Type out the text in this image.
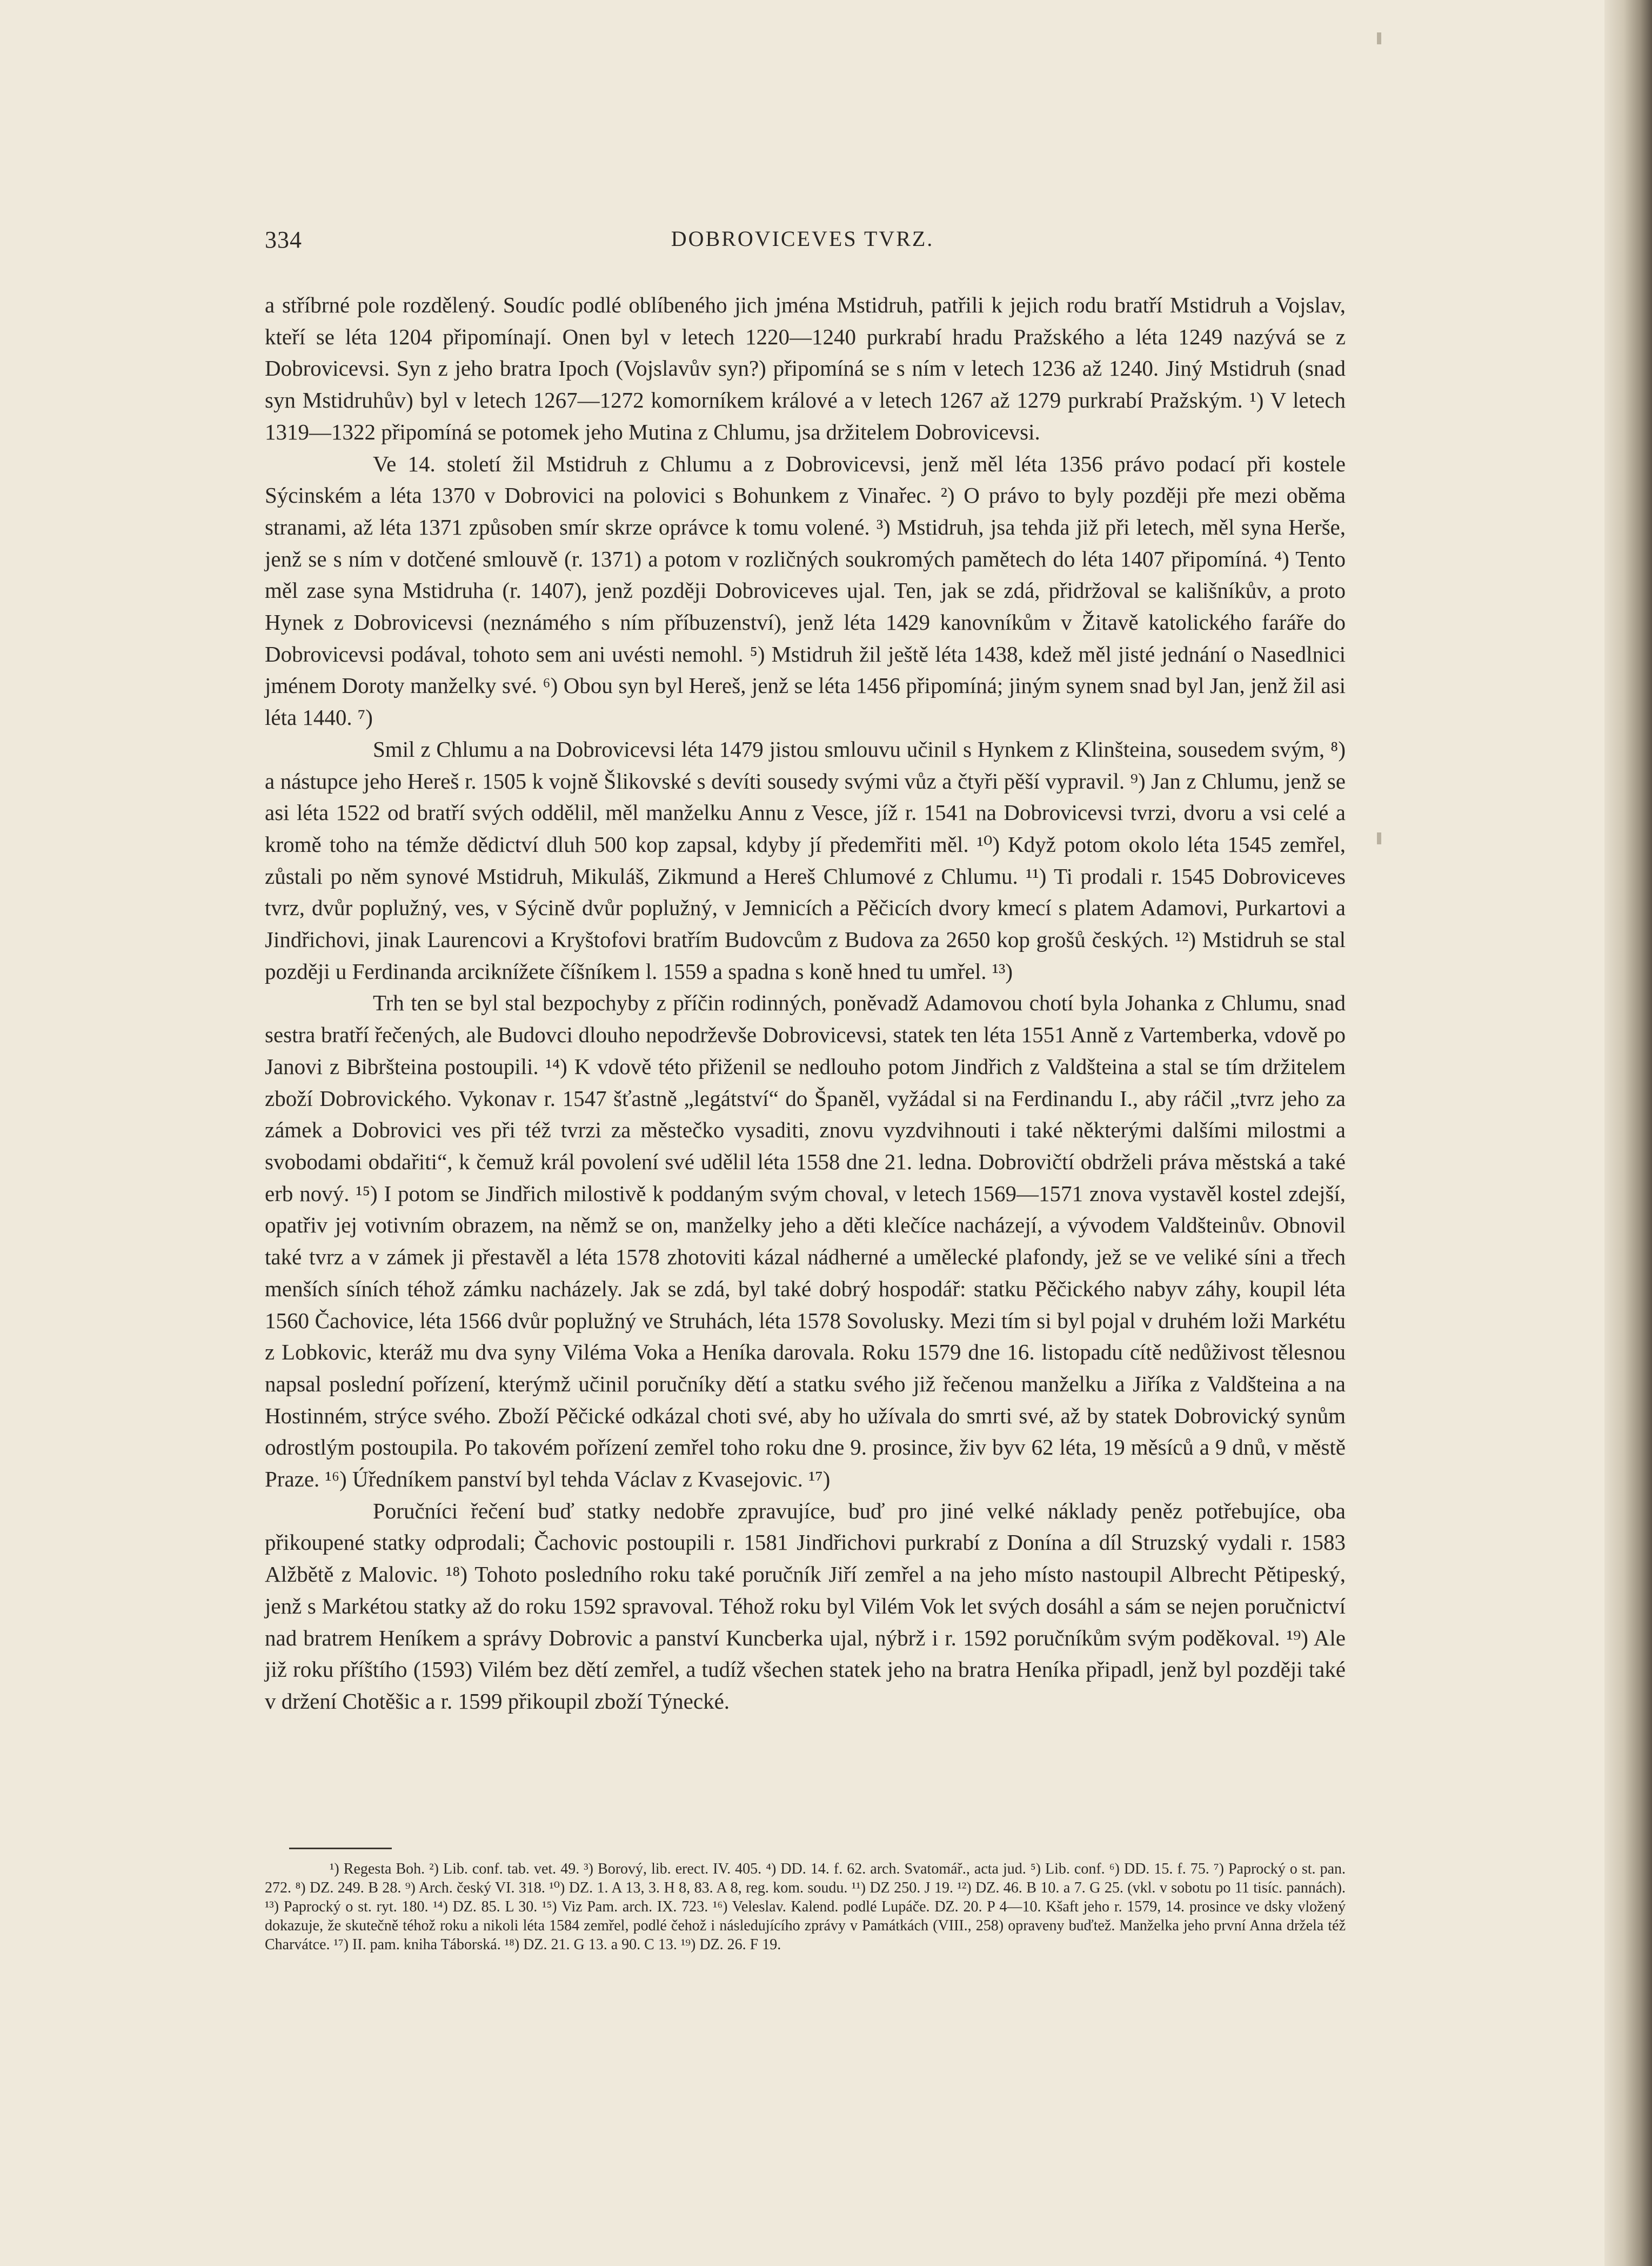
334	DOBROVICEVES TVRZ.

a stříbrné pole rozdělený. Soudíc podlé oblíbeného jich jména Mstidruh, patřili k jejich rodu bratří Mstidruh a Vojslav, kteří se léta 1204 připomínají. Onen byl v letech 1220—1240 purkrabí hradu Pražského a léta 1249 nazývá se z Dobrovicevsi. Syn z jeho bratra Ipoch (Vojslavův syn?) připomíná se s ním v letech 1236 až 1240. Jiný Mstidruh (snad syn Mstidruhův) byl v letech 1267—1272 komorníkem králové a v letech 1267 až 1279 purkrabí Pražským. ¹) V letech 1319—1322 připomíná se potomek jeho Mutina z Chlumu, jsa držitelem Dobrovicevsi.

Ve 14. století žil Mstidruh z Chlumu a z Dobrovicevsi, jenž měl léta 1356 právo podací při kostele Sýcinském a léta 1370 v Dobrovici na polovici s Bohunkem z Vinařec. ²) O právo to byly později pře mezi oběma stranami, až léta 1371 způsoben smír skrze oprávce k tomu volené. ³) Mstidruh, jsa tehda již při letech, měl syna Herše, jenž se s ním v dotčené smlouvě (r. 1371) a potom v rozličných soukromých pamětech do léta 1407 připomíná. ⁴) Tento měl zase syna Mstidruha (r. 1407), jenž později Dobroviceves ujal. Ten, jak se zdá, přidržoval se kališníkův, a proto Hynek z Dobrovicevsi (neznámého s ním příbuzenství), jenž léta 1429 kanovníkům v Žitavě katolického faráře do Dobrovicevsi podával, tohoto sem ani uvésti nemohl. ⁵) Mstidruh žil ještě léta 1438, kdež měl jisté jednání o Nasedlnici jménem Doroty manželky své. ⁶) Obou syn byl Hereš, jenž se léta 1456 připomíná; jiným synem snad byl Jan, jenž žil asi léta 1440. ⁷)

Smil z Chlumu a na Dobrovicevsi léta 1479 jistou smlouvu učinil s Hynkem z Klinšteina, sousedem svým, ⁸) a nástupce jeho Hereš r. 1505 k vojně Šlikovské s devíti sousedy svými vůz a čtyři pěší vypravil. ⁹) Jan z Chlumu, jenž se asi léta 1522 od bratří svých oddělil, měl manželku Annu z Vesce, jíž r. 1541 na Dobrovicevsi tvrzi, dvoru a vsi celé a kromě toho na témže dědictví dluh 500 kop zapsal, kdyby jí předemřiti měl. ¹⁰) Když potom okolo léta 1545 zemřel, zůstali po něm synové Mstidruh, Mikuláš, Zikmund a Hereš Chlumové z Chlumu. ¹¹) Ti prodali r. 1545 Dobroviceves tvrz, dvůr poplužný, ves, v Sýcině dvůr poplužný, v Jemnicích a Pěčicích dvory kmecí s platem Adamovi, Purkartovi a Jindřichovi, jinak Laurencovi a Kryštofovi bratřím Budovcům z Budova za 2650 kop grošů českých. ¹²) Mstidruh se stal později u Ferdinanda arciknížete číšníkem l. 1559 a spadna s koně hned tu umřel. ¹³)

Trh ten se byl stal bezpochyby z příčin rodinných, poněvadž Adamovou chotí byla Johanka z Chlumu, snad sestra bratří řečených, ale Budovci dlouho nepodrževše Dobrovicevsi, statek ten léta 1551 Anně z Vartemberka, vdově po Janovi z Bibršteina postoupili. ¹⁴) K vdově této přiženil se nedlouho potom Jindřich z Valdšteina a stal se tím držitelem zboží Dobrovického. Vykonav r. 1547 šťastně „legátství“ do Španěl, vyžádal si na Ferdinandu I., aby ráčil „tvrz jeho za zámek a Dobrovici ves při též tvrzi za městečko vysaditi, znovu vyzdvihnouti i také některými dalšími milostmi a svobodami obdařiti“, k čemuž král povolení své udělil léta 1558 dne 21. ledna. Dobrovičtí obdrželi práva městská a také erb nový. ¹⁵) I potom se Jindřich milostivě k poddaným svým choval, v letech 1569—1571 znova vystavěl kostel zdejší, opatřiv jej votivním obrazem, na němž se on, manželky jeho a děti klečíce nacházejí, a vývodem Valdšteinův. Obnovil také tvrz a v zámek ji přestavěl a léta 1578 zhotoviti kázal nádherné a umělecké plafondy, jež se ve veliké síni a třech menších síních téhož zámku nacházely. Jak se zdá, byl také dobrý hospodář: statku Pěčického nabyv záhy, koupil léta 1560 Čachovice, léta 1566 dvůr poplužný ve Struhách, léta 1578 Sovolusky. Mezi tím si byl pojal v druhém loži Markétu z Lobkovic, kteráž mu dva syny Viléma Voka a Heníka darovala. Roku 1579 dne 16. listopadu cítě nedůživost tělesnou napsal poslední pořízení, kterýmž učinil poručníky dětí a statku svého již řečenou manželku a Jiříka z Valdšteina a na Hostinném, strýce svého. Zboží Pěčické odkázal choti své, aby ho užívala do smrti své, až by statek Dobrovický synům odrostlým postoupila. Po takovém pořízení zemřel toho roku dne 9. prosince, živ byv 62 léta, 19 měsíců a 9 dnů, v městě Praze. ¹⁶) Úředníkem panství byl tehda Václav z Kvasejovic. ¹⁷)

Poručníci řečení buď statky nedobře zpravujíce, buď pro jiné velké náklady peněz potřebujíce, oba přikoupené statky odprodali; Čachovic postoupili r. 1581 Jindřichovi purkrabí z Donína a díl Struzský vydali r. 1583 Alžbětě z Malovic. ¹⁸) Tohoto posledního roku také poručník Jiří zemřel a na jeho místo nastoupil Albrecht Pětipeský, jenž s Markétou statky až do roku 1592 spravoval. Téhož roku byl Vilém Vok let svých dosáhl a sám se nejen poručnictví nad bratrem Heníkem a správy Dobrovic a panství Kuncberka ujal, nýbrž i r. 1592 poručníkům svým poděkoval. ¹⁹) Ale již roku příštího (1593) Vilém bez dětí zemřel, a tudíž všechen statek jeho na bratra Heníka připadl, jenž byl později také v držení Chotěšic a r. 1599 přikoupil zboží Týnecké.

¹) Regesta Boh. ²) Lib. conf. tab. vet. 49. ³) Borový, lib. erect. IV. 405. ⁴) DD. 14. f. 62. arch. Svatomář., acta jud. ⁵) Lib. conf. ⁶) DD. 15. f. 75. ⁷) Paprocký o st. pan. 272. ⁸) DZ. 249. B 28. ⁹) Arch. český VI. 318. ¹⁰) DZ. 1. A 13, 3. H 8, 83. A 8, reg. kom. soudu. ¹¹) DZ 250. J 19. ¹²) DZ. 46. B 10. a 7. G 25. (vkl. v sobotu po 11 tisíc. pannách). ¹³) Paprocký o st. ryt. 180. ¹⁴) DZ. 85. L 30. ¹⁵) Viz Pam. arch. IX. 723. ¹⁶) Veleslav. Kalend. podlé Lupáče. DZ. 20. P 4—10. Kšaft jeho r. 1579, 14. prosince ve dsky vložený dokazuje, že skutečně téhož roku a nikoli léta 1584 zemřel, podlé čehož i následujícího zprávy v Památkách (VIII., 258) opraveny buďtež. Manželka jeho první Anna držela též Charvátce. ¹⁷) II. pam. kniha Táborská. ¹⁸) DZ. 21. G 13. a 90. C 13. ¹⁹) DZ. 26. F 19.
